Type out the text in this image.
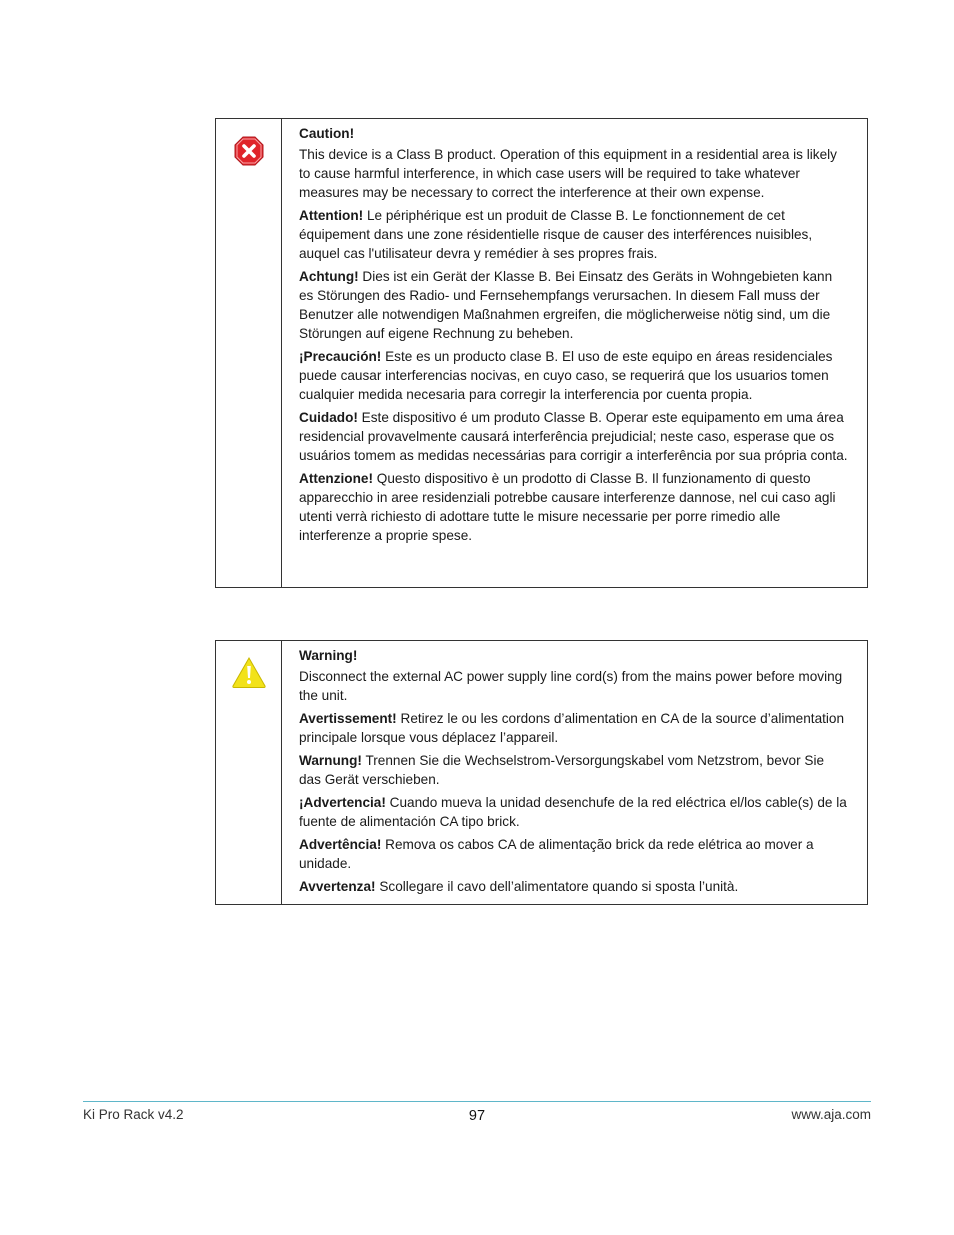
Caution!

This device is a Class B product. Operation of this equipment in a residential area is likely to cause harmful interference, in which case users will be required to take whatever measures may be necessary to correct the interference at their own expense.

Attention! Le périphérique est un produit de Classe B. Le fonctionnement de cet équipement dans une zone résidentielle risque de causer des interférences nuisibles, auquel cas l'utilisateur devra y remédier à ses propres frais.

Achtung! Dies ist ein Gerät der Klasse B. Bei Einsatz des Geräts in Wohngebieten kann es Störungen des Radio- und Fernsehempfangs verursachen. In diesem Fall muss der Benutzer alle notwendigen Maßnahmen ergreifen, die möglicherweise nötig sind, um die Störungen auf eigene Rechnung zu beheben.

¡Precaución! Este es un producto clase B. El uso de este equipo en áreas residenciales puede causar interferencias nocivas, en cuyo caso, se requerirá que los usuarios tomen cualquier medida necesaria para corregir la interferencia por cuenta propia.

Cuidado! Este dispositivo é um produto Classe B. Operar este equipamento em uma área residencial provavelmente causará interferência prejudicial; neste caso, esperase que os usuários tomem as medidas necessárias para corrigir a interferência por sua própria conta.

Attenzione! Questo dispositivo è un prodotto di Classe B. Il funzionamento di questo apparecchio in aree residenziali potrebbe causare interferenze dannose, nel cui caso agli utenti verrà richiesto di adottare tutte le misure necessarie per porre rimedio alle interferenze a proprie spese.

Warning!

Disconnect the external AC power supply line cord(s) from the mains power before moving the unit.

Avertissement! Retirez le ou les cordons d’alimentation en CA de la source d’alimentation principale lorsque vous déplacez l’appareil.

Warnung! Trennen Sie die Wechselstrom-Versorgungskabel vom Netzstrom, bevor Sie das Gerät verschieben.

¡Advertencia! Cuando mueva la unidad desenchufe de la red eléctrica el/los cable(s) de la fuente de alimentación CA tipo brick.

Advertência! Remova os cabos CA de alimentação brick da rede elétrica ao mover a unidade.

Avvertenza! Scollegare il cavo dell’alimentatore quando si sposta l’unità.

Ki Pro Rack v4.2	97	www.aja.com
